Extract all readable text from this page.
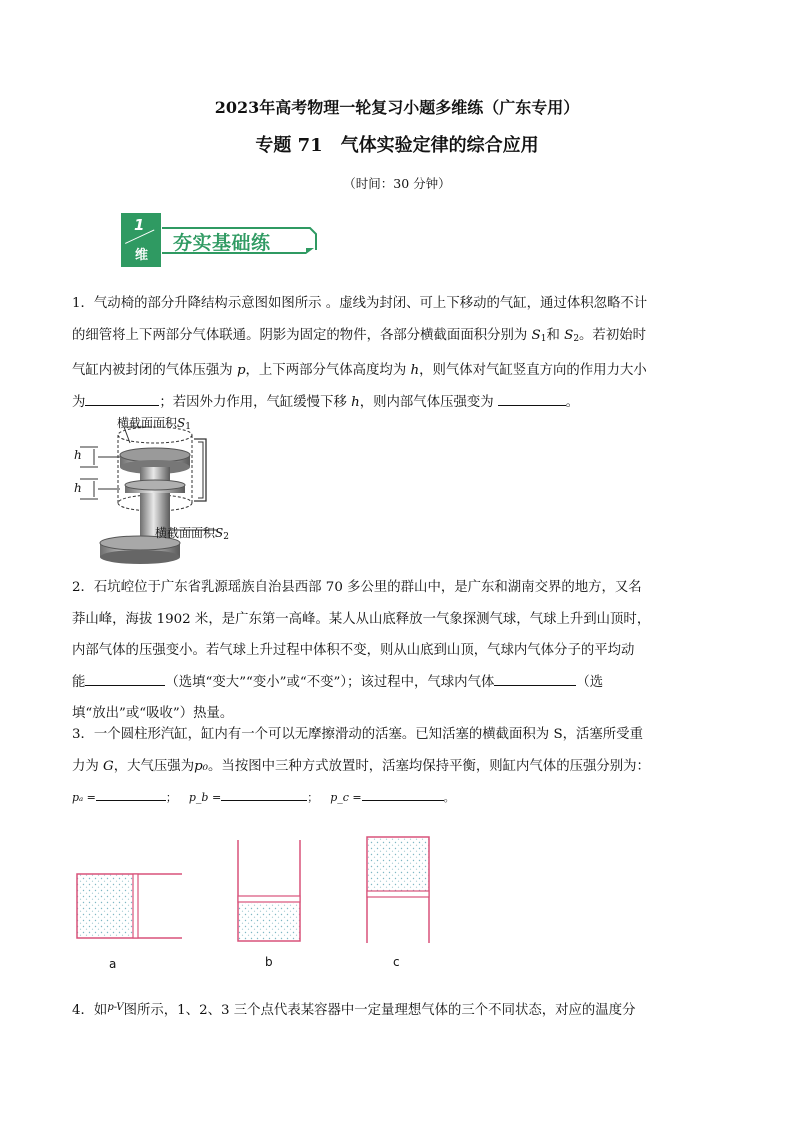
2023年高考物理一轮复习小题多维练（广东专用）
专题 71　气体实验定律的综合应用
（时间：30 分钟）
1
维
夯实基础练
1．气动椅的部分升降结构示意图如图所示 。虚线为封闭、可上下移动的气缸，通过体积忽略不计
的细管将上下两部分气体联通。阴影为固定的物件，各部分横截面面积分别为 $S_1$和 $S_2$。若初始时
气缸内被封闭的气体压强为 p，上下两部分气体高度均为 h，则气体对气缸竖直方向的作用力大小
为	；若因外力作用，气缸缓慢下移 h，则内部气体压强变为	。
横截面面积$S_1$
横截面面积$S_2$
h
h
2．石坑崆位于广东省乳源瑶族自治县西部 70 多公里的群山中，是广东和湖南交界的地方，又名
莽山峰，海拔 1902 米，是广东第一高峰。某人从山底释放一气象探测气球，气球上升到山顶时，
内部气体的压强变小。若气球上升过程中体积不变，则从山底到山顶，气球内气体分子的平均动
能	（选填“变大”“变小”或“不变”）；该过程中，气球内气体	（选
填“放出”或“吸收”）热量。
3．一个圆柱形汽缸，缸内有一个可以无摩擦滑动的活塞。已知活塞的横截面积为 S，活塞所受重
力为 G，大气压强为p₀。当按图中三种方式放置时，活塞均保持平衡，则缸内气体的压强分别为：
pₐ =	； p_b =	； p_c =	。
a	b	c
4．如$^{p-V}$图所示，1、2、3 三个点代表某容器中一定量理想气体的三个不同状态，对应的温度分
